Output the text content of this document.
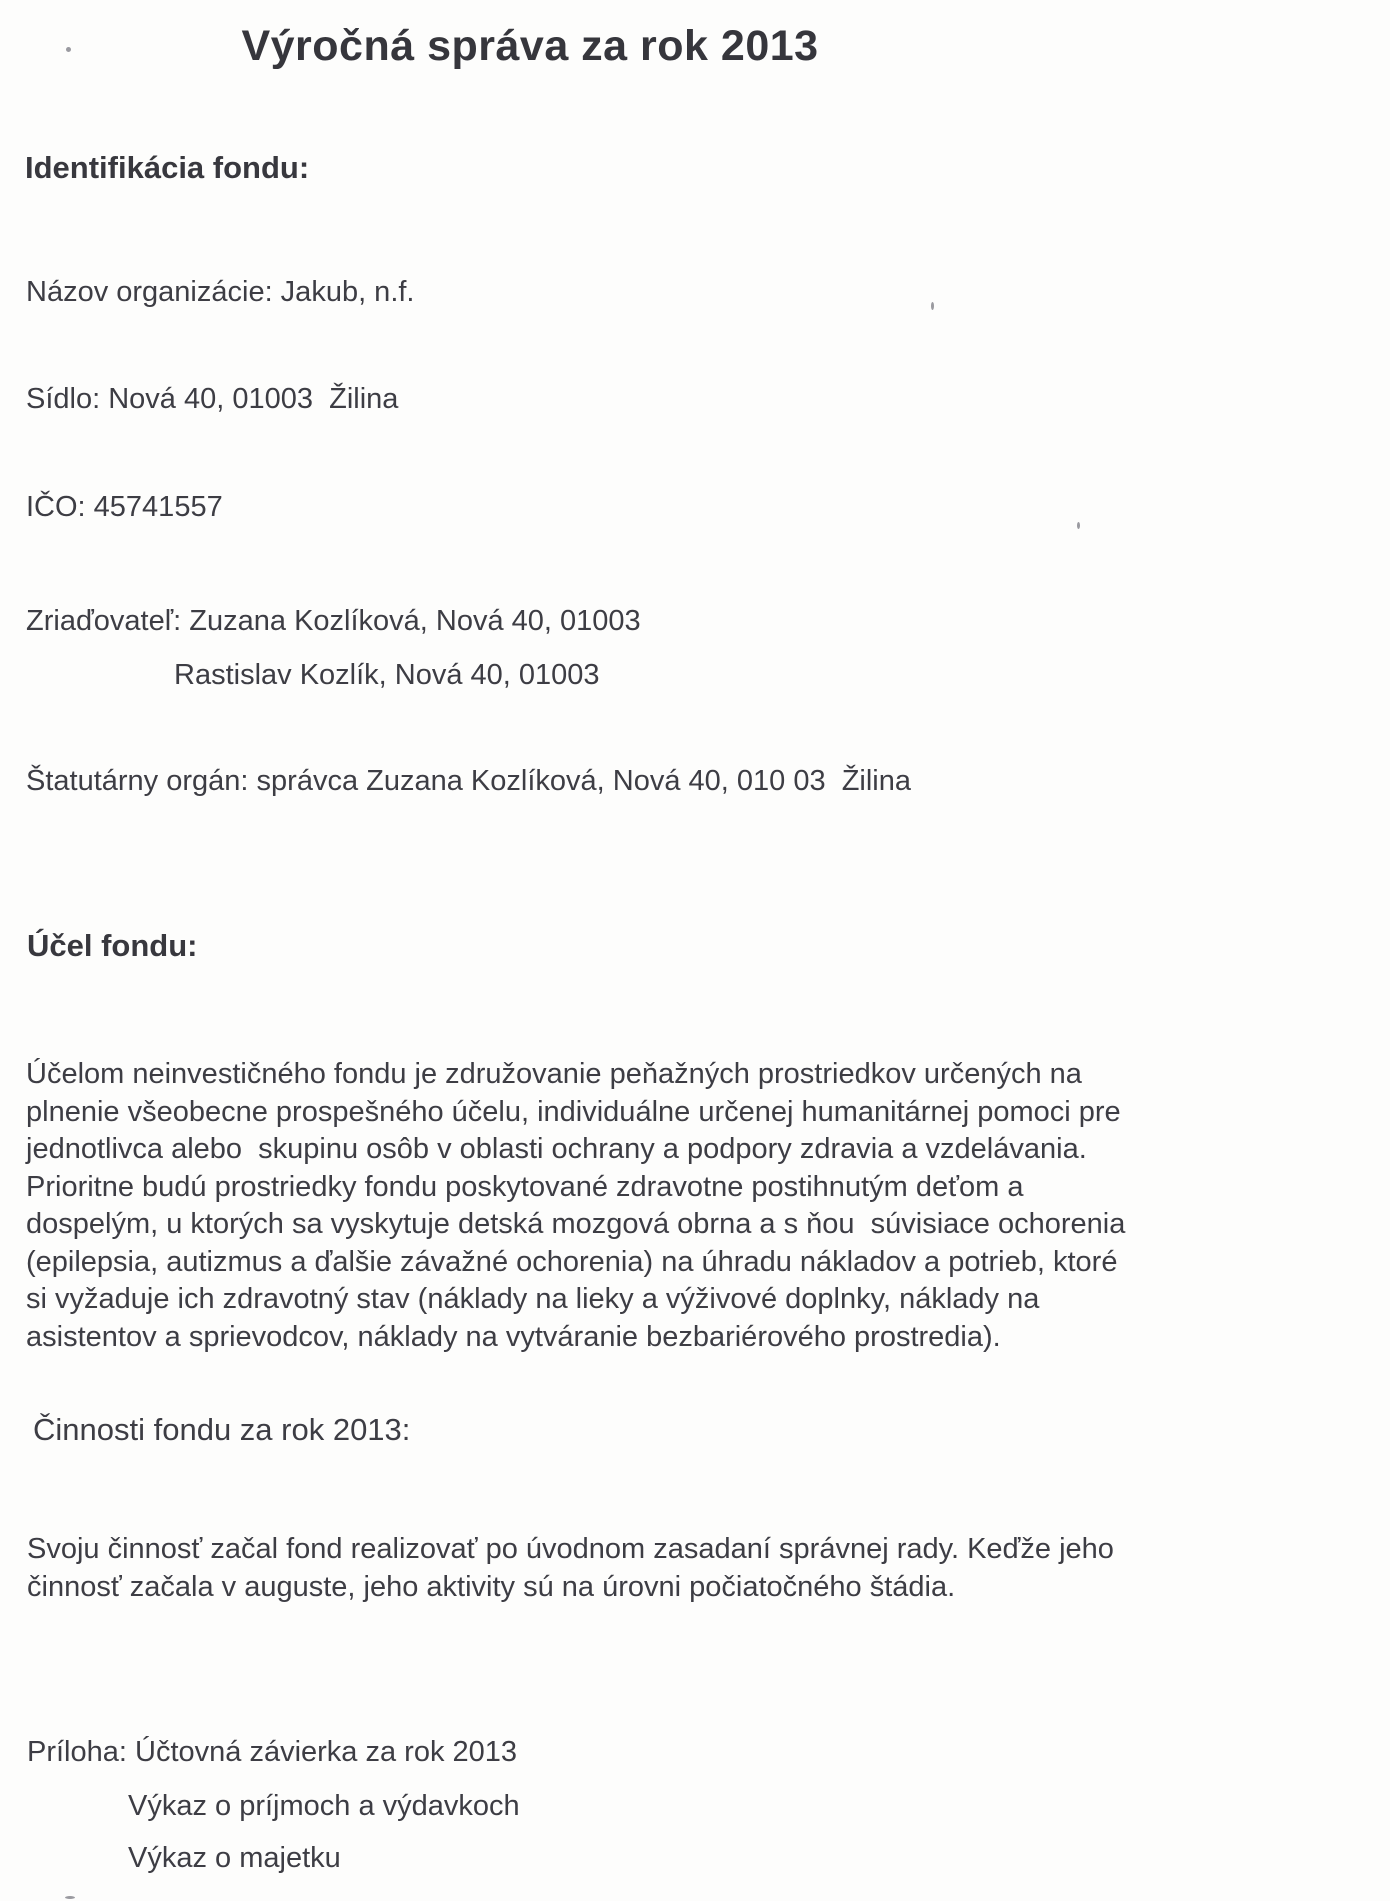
Výročná správa za rok 2013
Identifikácia fondu:
Názov organizácie: Jakub, n.f.
Sídlo: Nová 40, 01003  Žilina
IČO: 45741557
Zriaďovateľ: Zuzana Kozlíková, Nová 40, 01003
Rastislav Kozlík, Nová 40, 01003
Štatutárny orgán: správca Zuzana Kozlíková, Nová 40, 010 03  Žilina
Účel fondu:
Účelom neinvestičného fondu je združovanie peňažných prostriedkov určených na plnenie všeobecne prospešného účelu, individuálne určenej humanitárnej pomoci pre jednotlivca alebo  skupinu osôb v oblasti ochrany a podpory zdravia a vzdelávania. Prioritne budú prostriedky fondu poskytované zdravotne postihnutým deťom a dospelým, u ktorých sa vyskytuje detská mozgová obrna a s ňou  súvisiace ochorenia (epilepsia, autizmus a ďalšie závažné ochorenia) na úhradu nákladov a potrieb, ktoré si vyžaduje ich zdravotný stav (náklady na lieky a výživové doplnky, náklady na asistentov a sprievodcov, náklady na vytváranie bezbariérového prostredia).
Činnosti fondu za rok 2013:
Svoju činnosť začal fond realizovať po úvodnom zasadaní správnej rady. Keďže jeho činnosť začala v auguste, jeho aktivity sú na úrovni počiatočného štádia.
Príloha: Účtovná závierka za rok 2013
Výkaz o príjmoch a výdavkoch
Výkaz o majetku
